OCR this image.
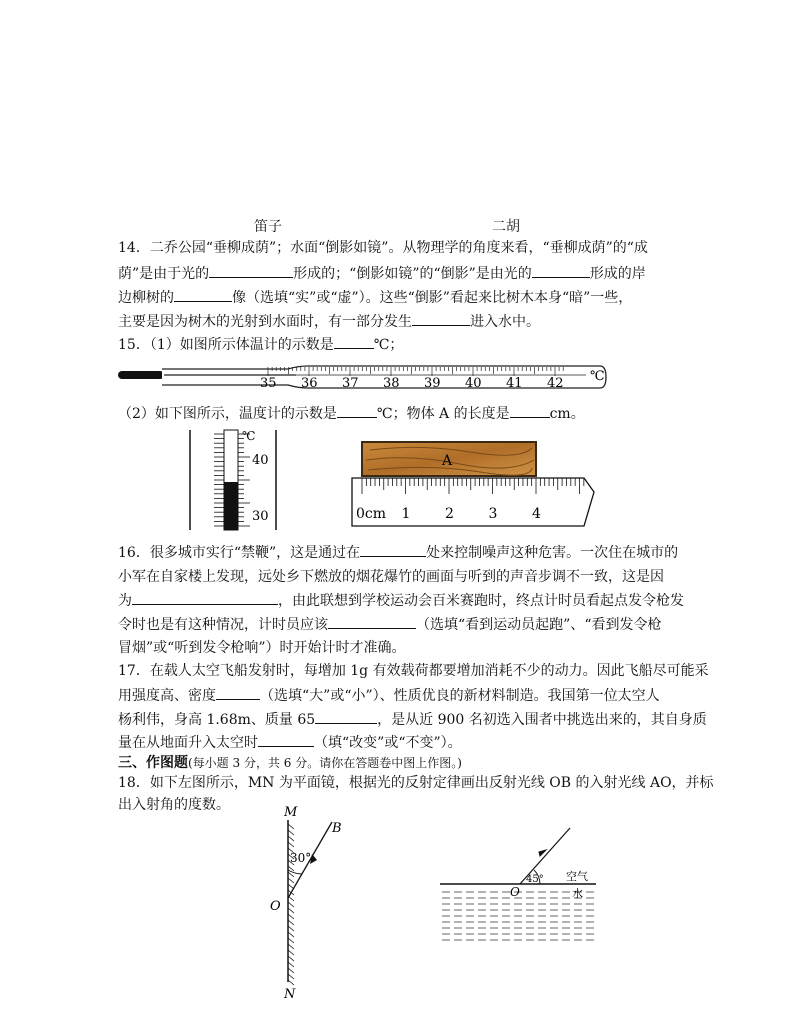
笛子	二胡
14．二乔公园“垂柳成荫”；水面“倒影如镜”。从物理学的角度来看，“垂柳成荫”的“成
荫”是由于光的	形成的；“倒影如镜”的“倒影”是由光的	形成的岸
边柳树的	像（选填“实”或“虚”）。这些“倒影”看起来比树木本身“暗”一些，
主要是因为树木的光射到水面时，有一部分发生	进入水中。
15．（1）如图所示体温计的示数是	℃；
35 36 37 38 39 40 41 42 ℃
（2）如下图所示，温度计的示数是	℃；物体 A 的长度是	cm。
℃
40
30
A
0cm 1 2 3 4
16．很多城市实行“禁鞭”，这是通过在	处来控制噪声这种危害。一次住在城市的
小军在自家楼上发现，远处乡下燃放的烟花爆竹的画面与听到的声音步调不一致，这是因
为	，由此联想到学校运动会百米赛跑时，终点计时员看起点发令枪发
令时也是有这种情况，计时员应该	（选填“看到运动员起跑”、“看到发令枪
冒烟”或“听到发令枪响”）时开始计时才准确。
17．在载人太空飞船发射时，每增加 1g 有效载荷都要增加消耗不少的动力。因此飞船尽可能采
用强度高、密度	（选填“大”或“小”）、性质优良的新材料制造。我国第一位太空人
杨利伟，身高 1.68m、质量 65	，是从近 900 名初选入围者中挑选出来的，其自身质
量在从地面升入太空时	（填“改变”或“不变”）。
三、作图题(每小题 3 分，共 6 分。请你在答题卷中图上作图。)
18．如下左图所示，MN 为平面镜，根据光的反射定律画出反射光线 OB 的入射光线 AO，并标
出入射角的度数。
30°
M
N
O
B
45°
O
空气
水
